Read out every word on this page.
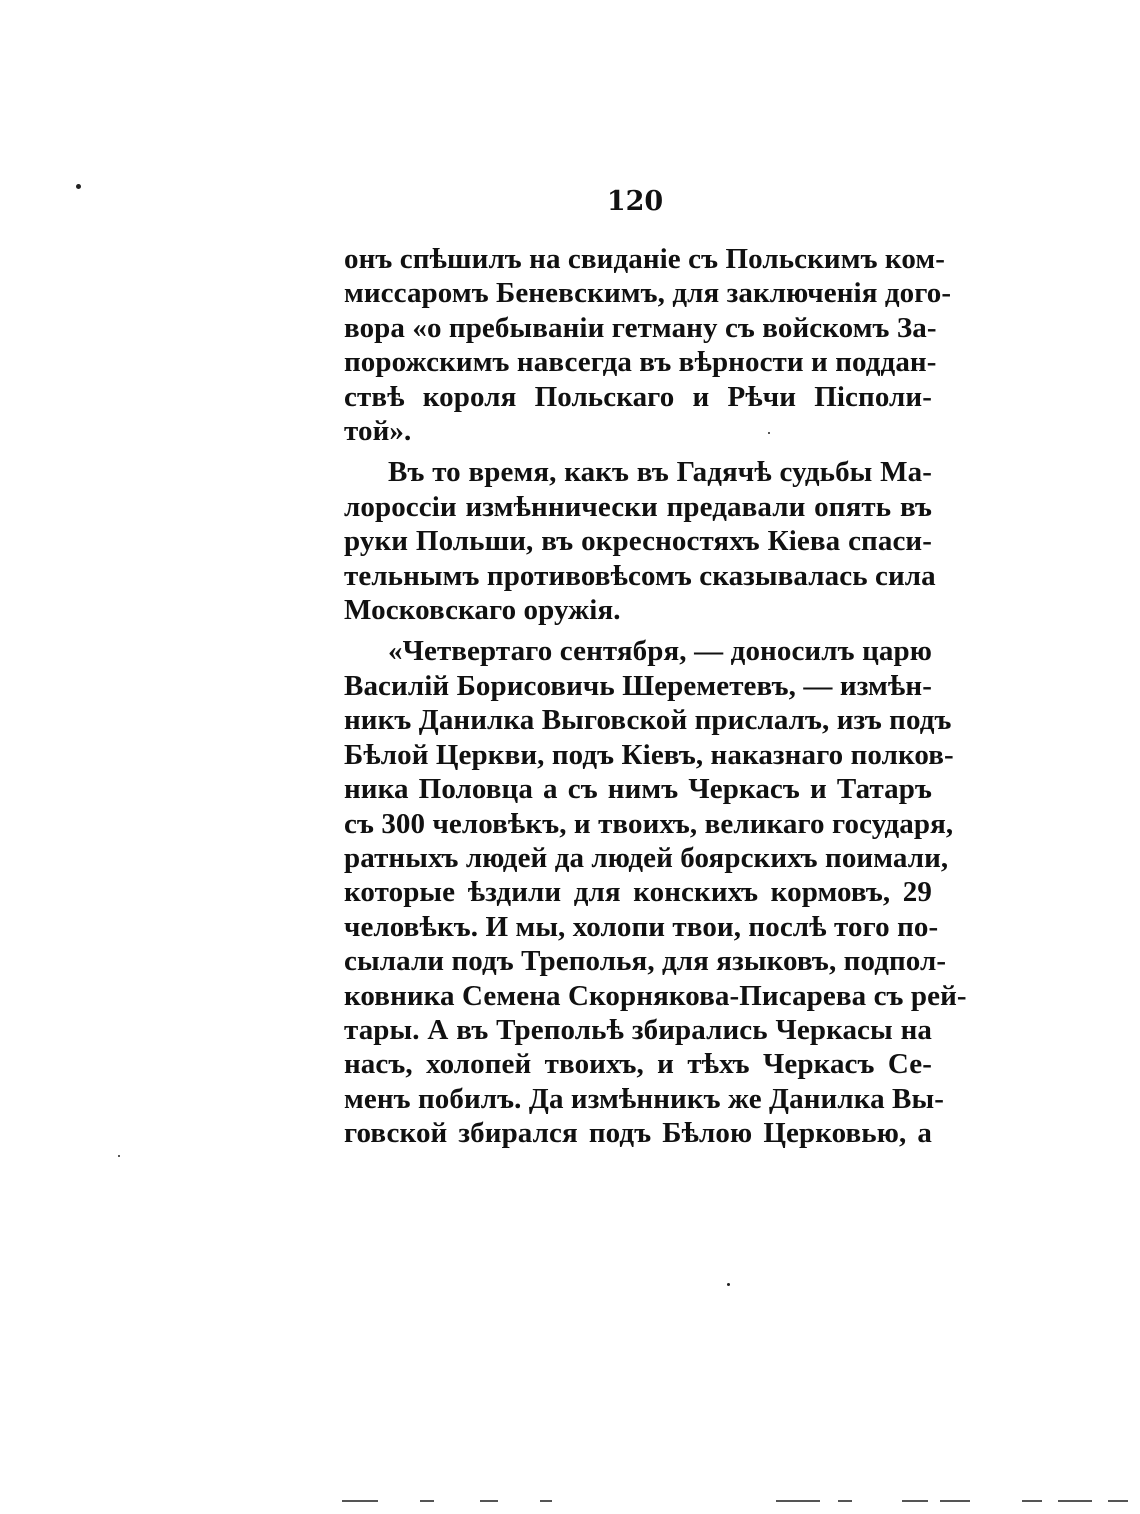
120
онъ спѣшилъ на свиданіе съ Польскимъ ком-
миссаромъ Беневскимъ, для заключенія дого-
вора «о пребываніи гетману съ войскомъ За-
порожскимъ навсегда въ вѣрности и поддан-
ствѣ короля Польскаго и Рѣчи Пісполи-
той».
Въ то время, какъ въ Гадячѣ судьбы Ма-
лороссіи измѣннически предавали опять въ
руки Польши, въ окресностяхъ Кіева спаси-
тельнымъ противовѣсомъ сказывалась сила
Московскаго оружія.
«Четвертаго сентября, — доносилъ царю
Василій Борисовичь Шереметевъ, — измѣн-
никъ Данилка Выговской прислалъ, изъ подъ
Бѣлой Церкви, подъ Кіевъ, наказнаго полков-
ника Половца а съ нимъ Черкасъ и Татаръ
съ 300 человѣкъ, и твоихъ, великаго государя,
ратныхъ людей да людей боярскихъ поимали,
которые ѣздили для конскихъ кормовъ, 29
человѣкъ. И мы, холопи твои, послѣ того по-
сылали подъ Треполья, для языковъ, подпол-
ковника Семена Скорнякова-Писарева съ рей-
тары. А въ Трепольѣ збирались Черкасы на
насъ, холопей твоихъ, и тѣхъ Черкасъ Се-
менъ побилъ. Да измѣнникъ же Данилка Вы-
говской збирался подъ Бѣлою Церковью, а
